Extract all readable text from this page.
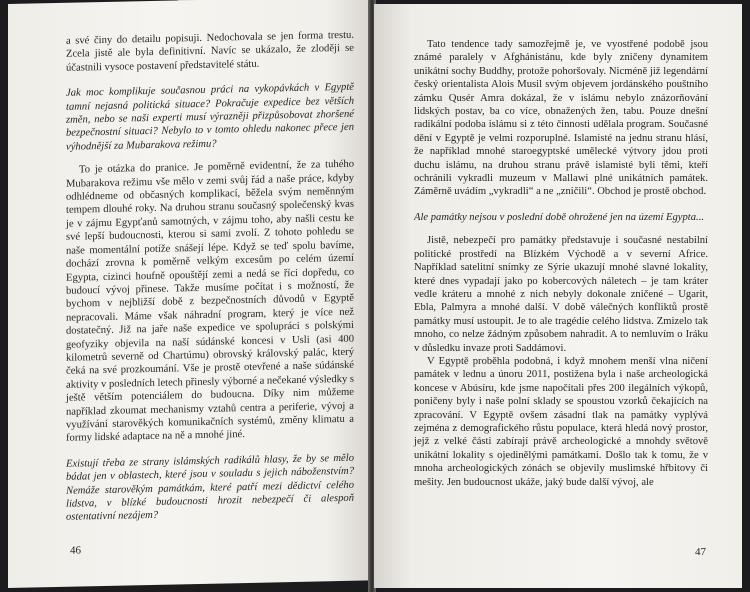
a své činy do detailu popisuji. Nedochovala se jen forma trestu. Zcela jistě ale byla definitivní. Navíc se ukázalo, že zloději se účastnili vysoce postavení představitelé státu.

Jak moc komplikuje současnou práci na vykopávkách v Egyptě tamní nejasná politická situace? Pokračuje expedice bez větších změn, nebo se naši experti musí výrazněji přizpůsobovat zhoršené bezpečnostní situaci? Nebylo to v tomto ohledu nakonec přece jen výhodnější za Mubarakova režimu?

To je otázka do pranice. Je poměrně evidentní, že za tuhého Mubarakova režimu vše mělo v zemi svůj řád a naše práce, kdyby odhlédneme od občasných komplikací, běžela svým neměnným tempem dlouhé roky. Na druhou stranu současný společenský kvas je v zájmu Egypťanů samotných, v zájmu toho, aby našli cestu ke své lepší budoucnosti, kterou si sami zvolí. Z tohoto pohledu se naše momentální potíže snášejí lépe. Když se teď spolu bavíme, dochází zrovna k poměrně velkým excesům po celém území Egypta, cizinci houfně opouštějí zemi a nedá se říci dopředu, co budoucí vývoj přinese. Takže musíme počítat i s možností, že bychom v nejbližší době z bezpečnostních důvodů v Egyptě nepracovali. Máme však náhradní program, který je více než dostatečný. Již na jaře naše expedice ve spolupráci s polskými geofyziky objevila na naší súdánské koncesi v Usli (asi 400 kilometrů severně od Chartúmu) obrovský královský palác, který čeká na své prozkoumání. Vše je prostě otevřené a naše súdánské aktivity v posledních letech přinesly výborné a nečekané výsledky s ještě větším potenciálem do budoucna. Díky nim můžeme například zkoumat mechanismy vztahů centra a periferie, vývoj a využívání starověkých komunikačních systémů, změny klimatu a formy lidské adaptace na ně a mnohé jiné.

Existují třeba ze strany islámských radikálů hlasy, že by se mělo bádat jen v oblastech, které jsou v souladu s jejich náboženstvím? Nemáže starověkým památkám, které patří mezi dědictví celého lidstva, v blízké budoucnosti hrozit nebezpečí či alespoň ostentativní nezájem?

46

Tato tendence tady samozřejmě je, ve vyostřené podobě jsou známé paralely v Afghánistánu, kde byly zničeny dynamitem unikátní sochy Buddhy, protože pohoršovaly. Nicméně již legendární český orientalista Alois Musil svým objevem jordánského pouštního zámku Qusér Amra dokázal, že v islámu nebylo znázorňování lidských postav, ba co více, obnažených žen, tabu. Pouze dnešní radikální podoba islámu si z této činnosti udělala program. Současné dění v Egyptě je velmi rozporuplné. Islamisté na jednu stranu hlásí, že například mnohé staroegyptské umělecké výtvory jdou proti duchu islámu, na druhou stranu právě islamisté byli těmi, kteří ochránili vykradli muzeum v Mallawi plné unikátních památek. Záměrně uvádím „vykradli“ a ne „zničili“. Obchod je prostě obchod.

Ale památky nejsou v poslední době ohrožené jen na území Egypta...

Jistě, nebezpečí pro památky představuje i současné nestabilní politické prostředí na Blízkém Východě a v severní Africe. Například satelitní snímky ze Sýrie ukazují mnohé slavné lokality, které dnes vypadají jako po kobercových náletech – je tam kráter vedle kráteru a mnohé z nich nebyly dokonale zničené – Ugarit, Ebla, Palmyra a mnohé další. V době válečných konfliktů prostě památky musí ustoupit. Je to ale tragédie celého lidstva. Zmizelo tak mnoho, co nelze žádným způsobem nahradit. A to nemluvím o Iráku v důsledku invaze proti Saddámovi.

V Egyptě proběhla podobná, i když mnohem menší vlna ničení památek v lednu a únoru 2011, postižena byla i naše archeologická koncese v Abúsíru, kde jsme napočítali přes 200 ilegálních výkopů, poničeny byly i naše polní sklady se spoustou vzorků čekajících na zpracování. V Egyptě ovšem zásadní tlak na památky vyplývá zejména z demografického růstu populace, která hledá nový prostor, jejž z velké části zabírají právě archeologické a mnohdy světově unikátní lokality s ojedinělými památkami. Došlo tak k tomu, že v mnoha archeologických zónách se objevily muslimské hřbitovy či mešity. Jen budoucnost ukáže, jaký bude další vývoj, ale

47
